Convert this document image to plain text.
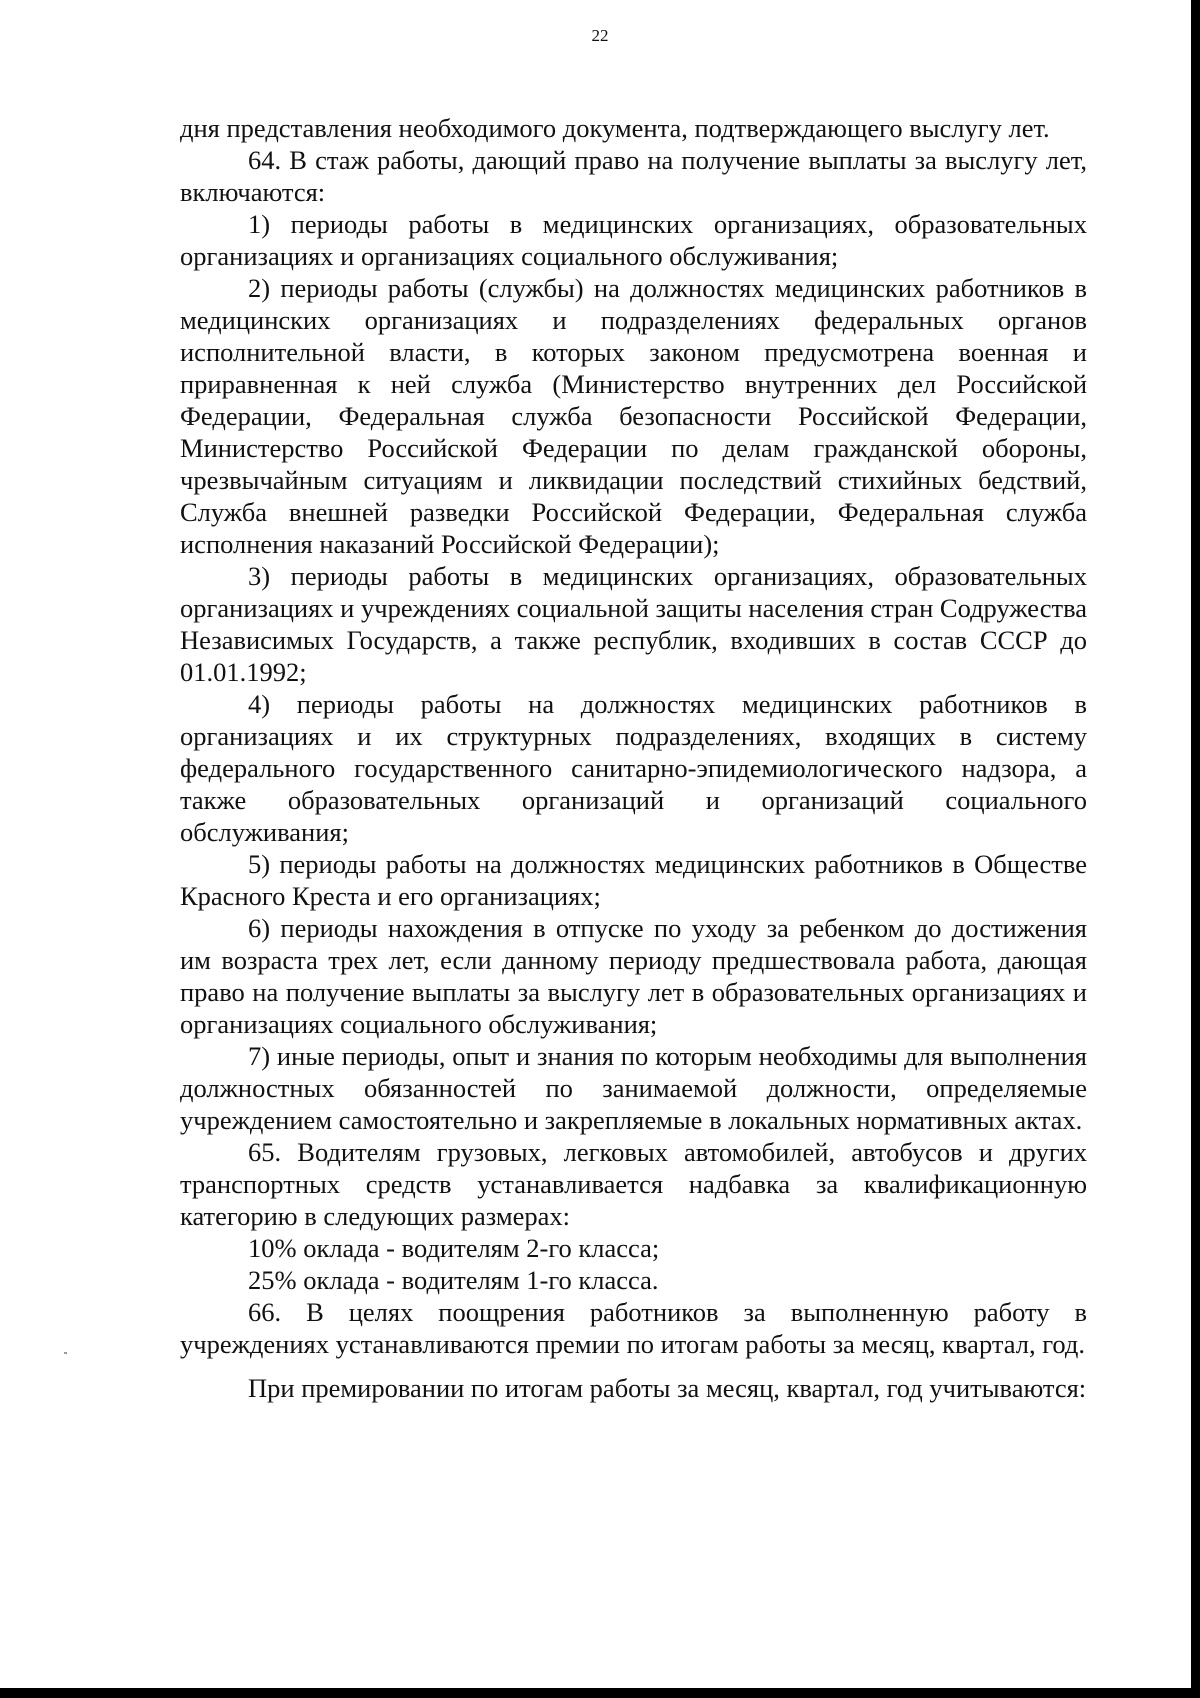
22

дня представления необходимого документа, подтверждающего выслугу лет.

64. В стаж работы, дающий право на получение выплаты за выслугу лет, включаются:

1) периоды работы в медицинских организациях, образовательных организациях и организациях социального обслуживания;

2) периоды работы (службы) на должностях медицинских работников в медицинских организациях и подразделениях федеральных органов исполнительной власти, в которых законом предусмотрена военная и приравненная к ней служба (Министерство внутренних дел Российской Федерации, Федеральная служба безопасности Российской Федерации, Министерство Российской Федерации по делам гражданской обороны, чрезвычайным ситуациям и ликвидации последствий стихийных бедствий, Служба внешней разведки Российской Федерации, Федеральная служба исполнения наказаний Российской Федерации);

3) периоды работы в медицинских организациях, образовательных организациях и учреждениях социальной защиты населения стран Содружества Независимых Государств, а также республик, входивших в состав СССР до 01.01.1992;

4) периоды работы на должностях медицинских работников в организациях и их структурных подразделениях, входящих в систему федерального государственного санитарно-эпидемиологического надзора, а также образовательных организаций и организаций социального обслуживания;

5) периоды работы на должностях медицинских работников в Обществе Красного Креста и его организациях;

6) периоды нахождения в отпуске по уходу за ребенком до достижения им возраста трех лет, если данному периоду предшествовала работа, дающая право на получение выплаты за выслугу лет в образовательных организациях и организациях социального обслуживания;

7) иные периоды, опыт и знания по которым необходимы для выполнения должностных обязанностей по занимаемой должности, определяемые учреждением самостоятельно и закрепляемые в локальных нормативных актах.

65. Водителям грузовых, легковых автомобилей, автобусов и других транспортных средств устанавливается надбавка за квалификационную категорию в следующих размерах:

10% оклада - водителям 2-го класса;

25% оклада - водителям 1-го класса.

66. В целях поощрения работников за выполненную работу в учреждениях устанавливаются премии по итогам работы за месяц, квартал, год.

При премировании по итогам работы за месяц, квартал, год учитываются:
